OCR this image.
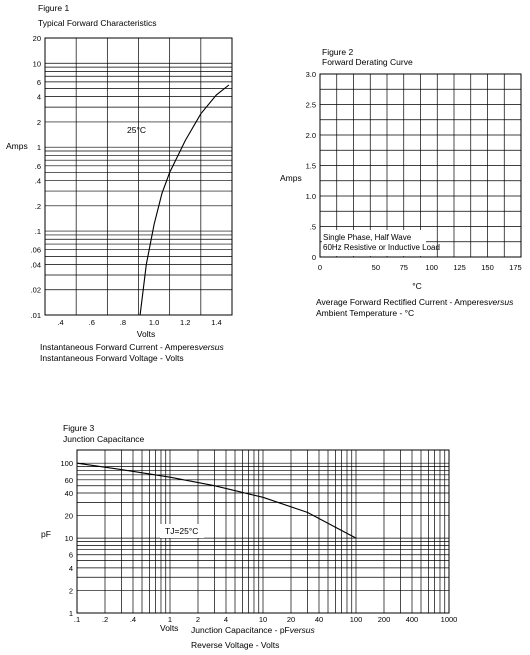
Figure 1
Typical Forward Characteristics
Amps
Volts
Instantaneous Forward Current - Amperesversus
Instantaneous Forward Voltage - Volts
25°C
20
10
6
4
2
1
.6
.4
.2
.1
.06
.04
.02
.01
.4	.6	.8	1.0	1.2	1.4
Figure 2
Forward Derating Curve
Amps
°C
Average Forward Rectified Current - Amperesversus
Ambient Temperature - °C
3.0
2.5
2.0
1.5
1.0
.5
0
0	50	75 100 125 150 175
Single Phase, Half Wave
60Hz Resistive or Inductive Load
Figure 3
Junction Capacitance
pF
Volts Junction Capacitance - pFversus
Reverse Voltage - Volts
100
60
40
20
10
6
4
2
1
.1	.2	.4	1	2	4	10	20	40	100 200 400	1000
TJ=25°C
